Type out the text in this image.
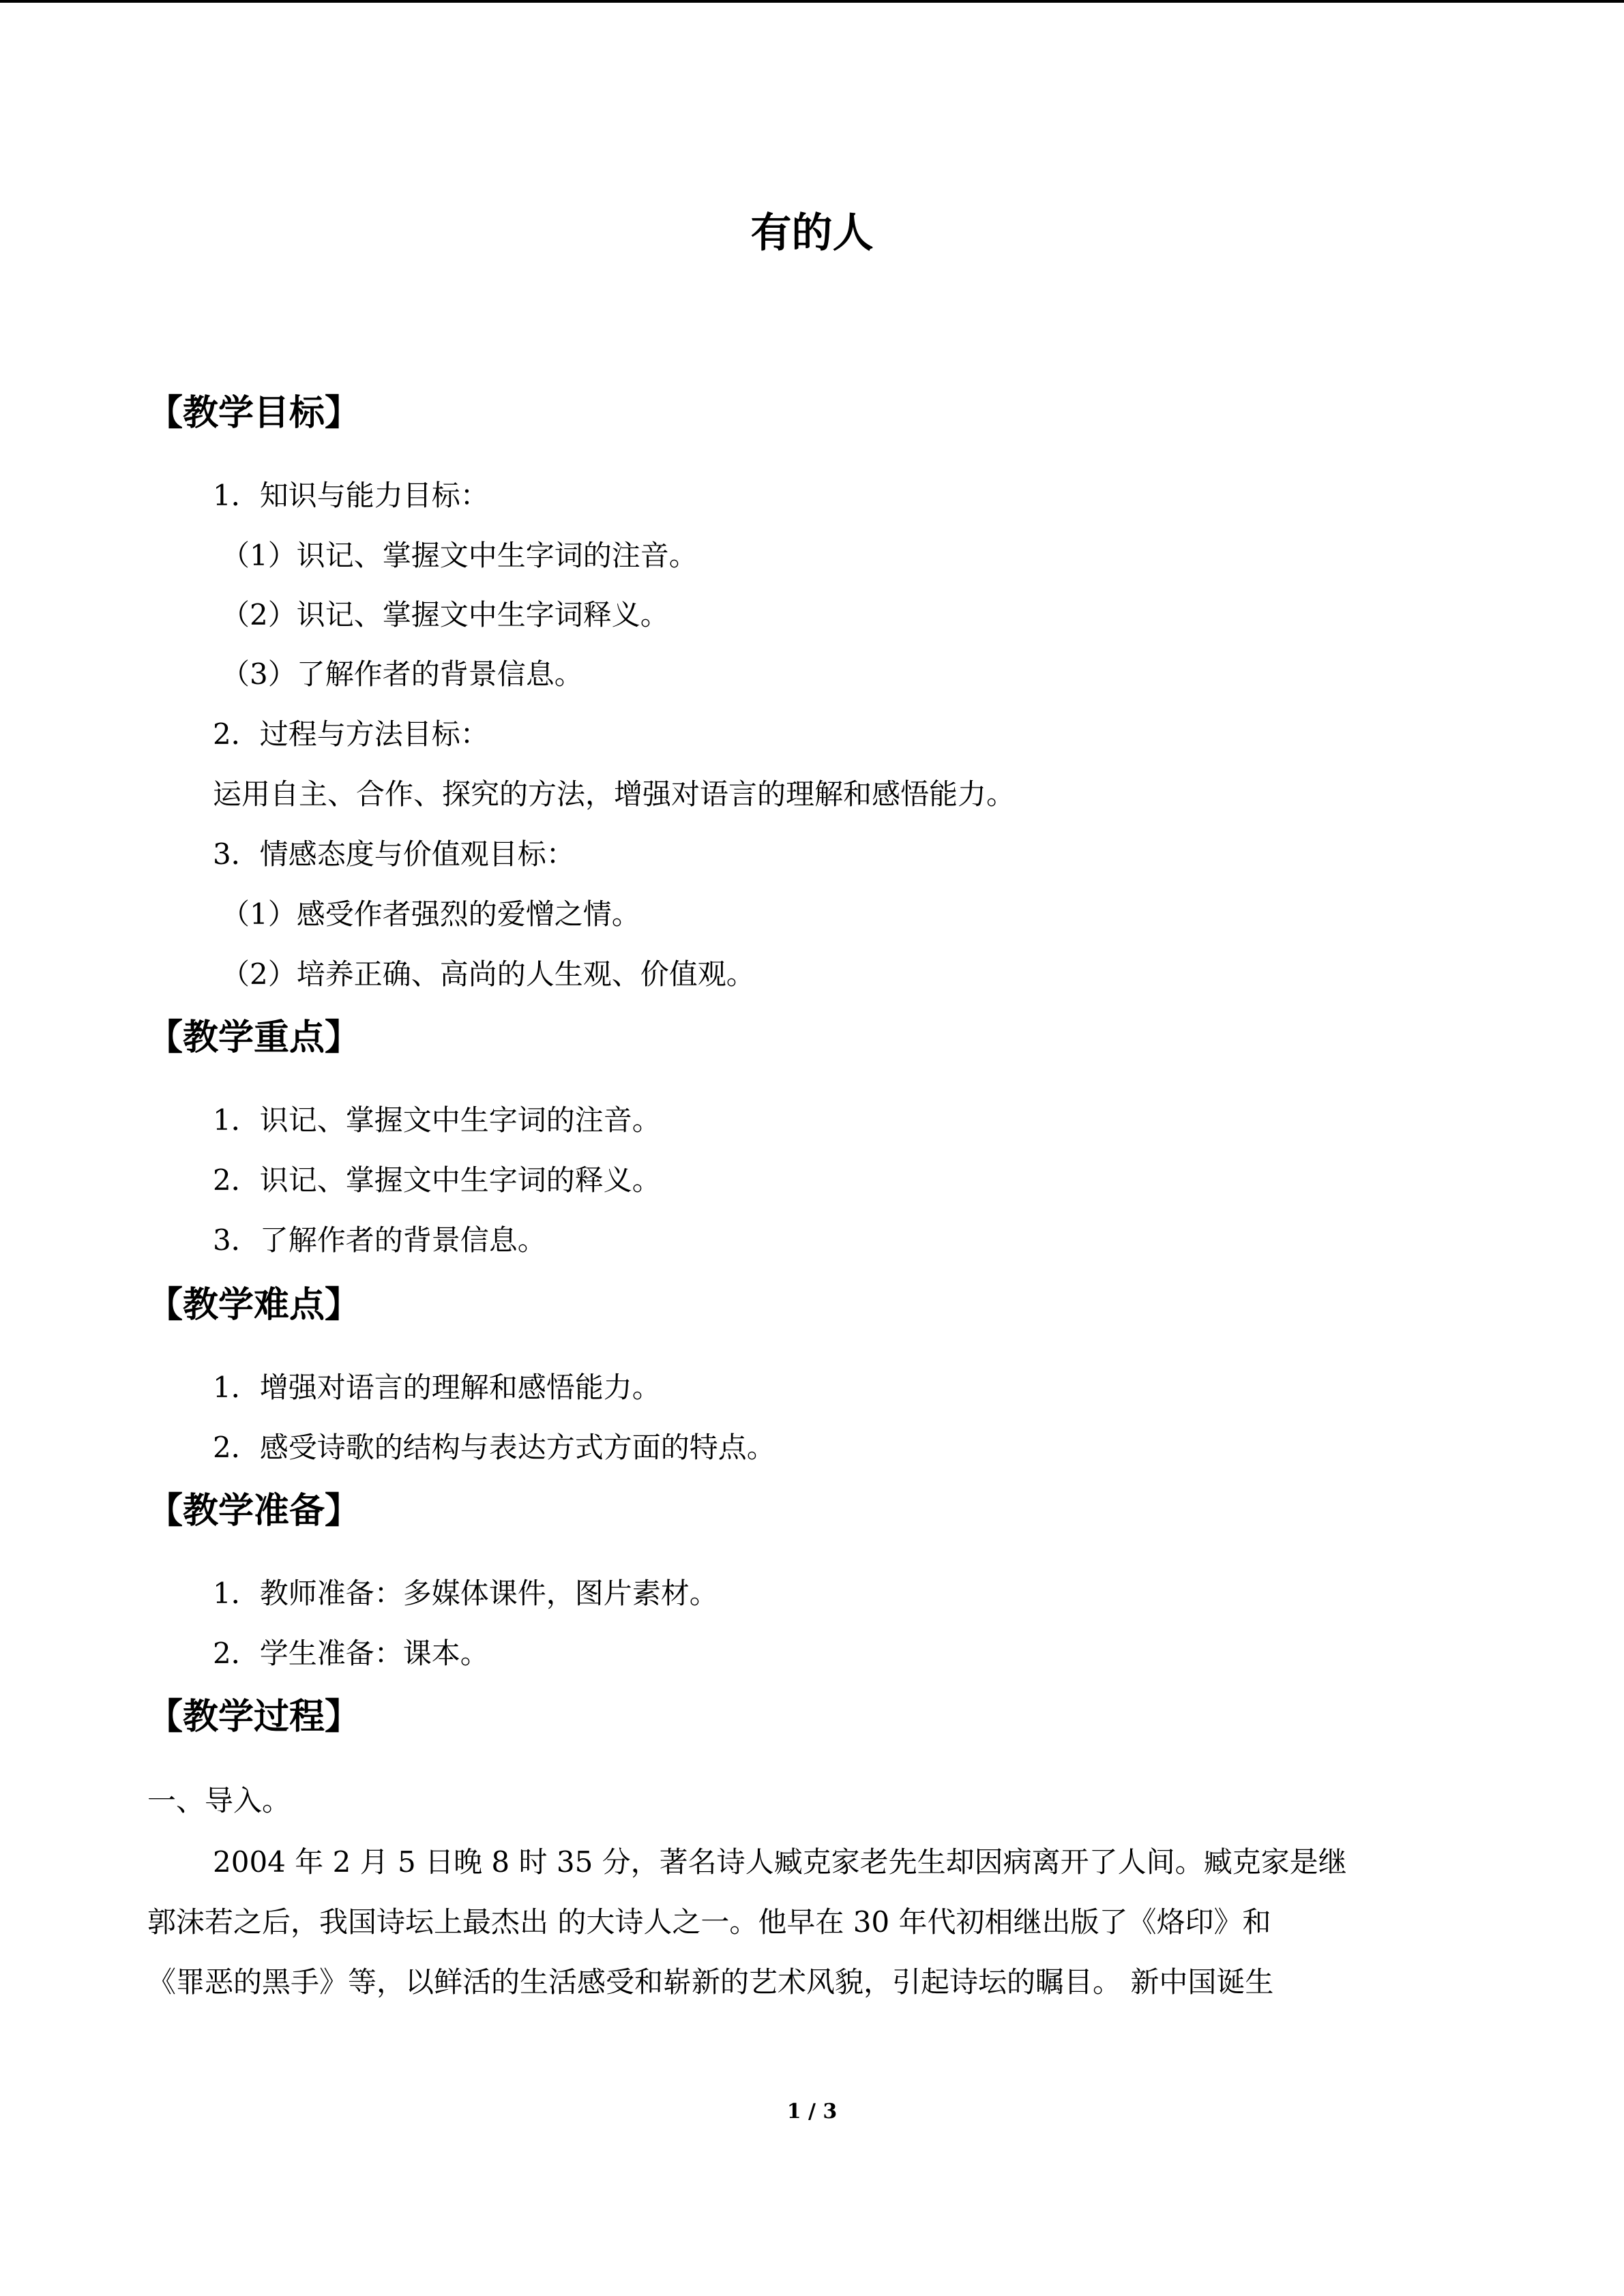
有的人
【教学目标】
1．知识与能力目标：
（1）识记、掌握文中生字词的注音。
（2）识记、掌握文中生字词释义。
（3）了解作者的背景信息。
2．过程与方法目标：
运用自主、合作、探究的方法，增强对语言的理解和感悟能力。
3．情感态度与价值观目标：
（1）感受作者强烈的爱憎之情。
（2）培养正确、高尚的人生观、价值观。
【教学重点】
1．识记、掌握文中生字词的注音。
2．识记、掌握文中生字词的释义。
3．了解作者的背景信息。
【教学难点】
1．增强对语言的理解和感悟能力。
2．感受诗歌的结构与表达方式方面的特点。
【教学准备】
1．教师准备：多媒体课件，图片素材。
2．学生准备：课本。
【教学过程】
一、导入。
2004 年 2 月 5 日晚 8 时 35 分，著名诗人臧克家老先生却因病离开了人间。臧克家是继
郭沫若之后，我国诗坛上最杰出 的大诗人之一。他早在 30 年代初相继出版了《烙印》和
《罪恶的黑手》等，以鲜活的生活感受和崭新的艺术风貌，引起诗坛的瞩目。 新中国诞生
1 / 3
